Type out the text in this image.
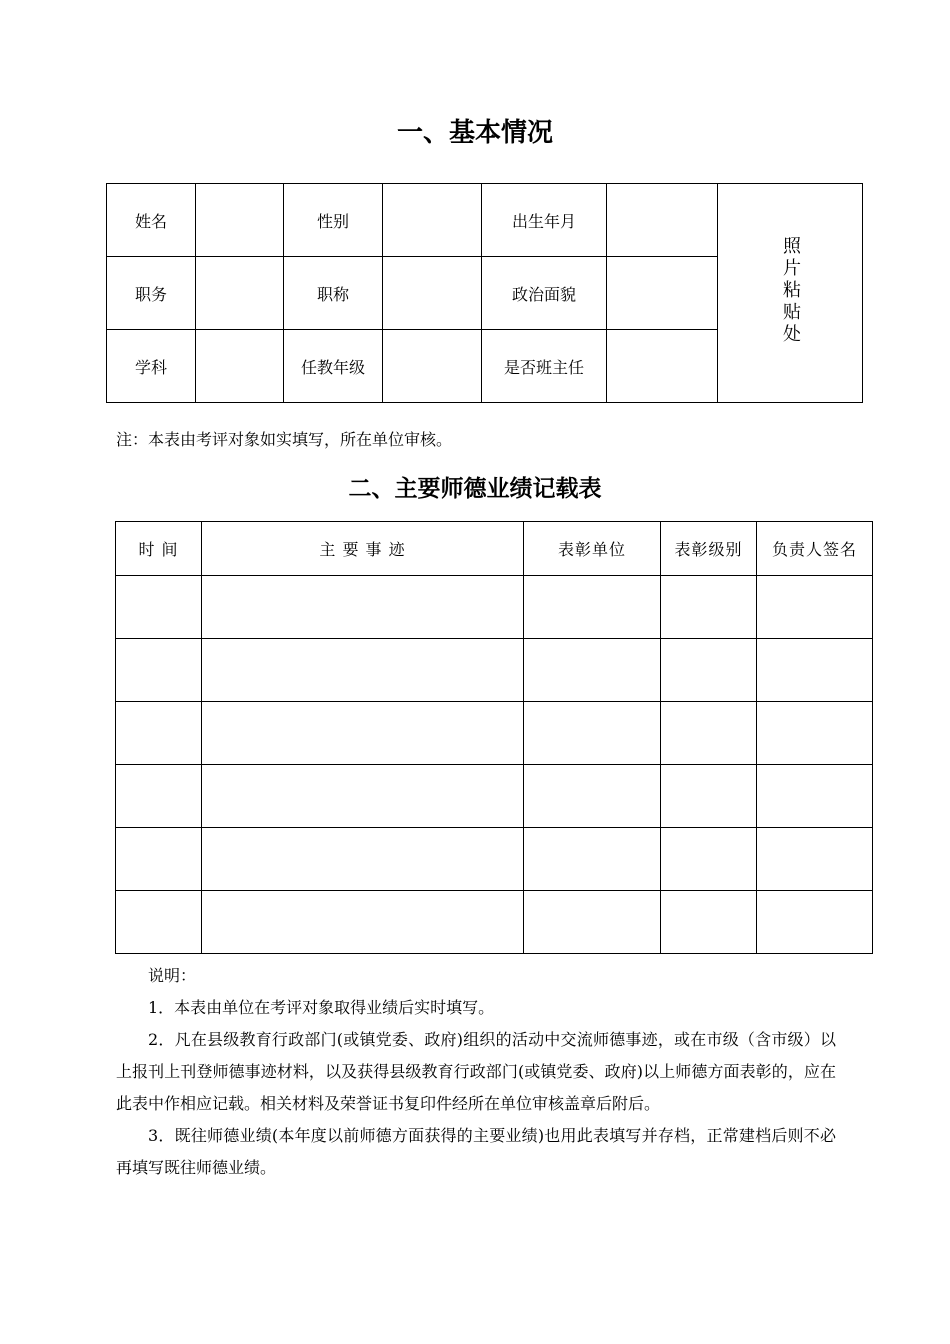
一、基本情况
姓名		性别		出生年月		照片粘贴处
职务		职称		政治面貌		
学科		任教年级		是否班主任		
注：本表由考评对象如实填写，所在单位审核。
二、主要师德业绩记载表
时 间	主 要 事 迹	表彰单位	表彰级别	负责人签名

说明：

1．本表由单位在考评对象取得业绩后实时填写。

2．凡在县级教育行政部门(或镇党委、政府)组织的活动中交流师德事迹，或在市级（含市级）以上报刊上刊登师德事迹材料，以及获得县级教育行政部门(或镇党委、政府)以上师德方面表彰的，应在此表中作相应记载。相关材料及荣誉证书复印件经所在单位审核盖章后附后。

3．既往师德业绩(本年度以前师德方面获得的主要业绩)也用此表填写并存档，正常建档后则不必再填写既往师德业绩。
